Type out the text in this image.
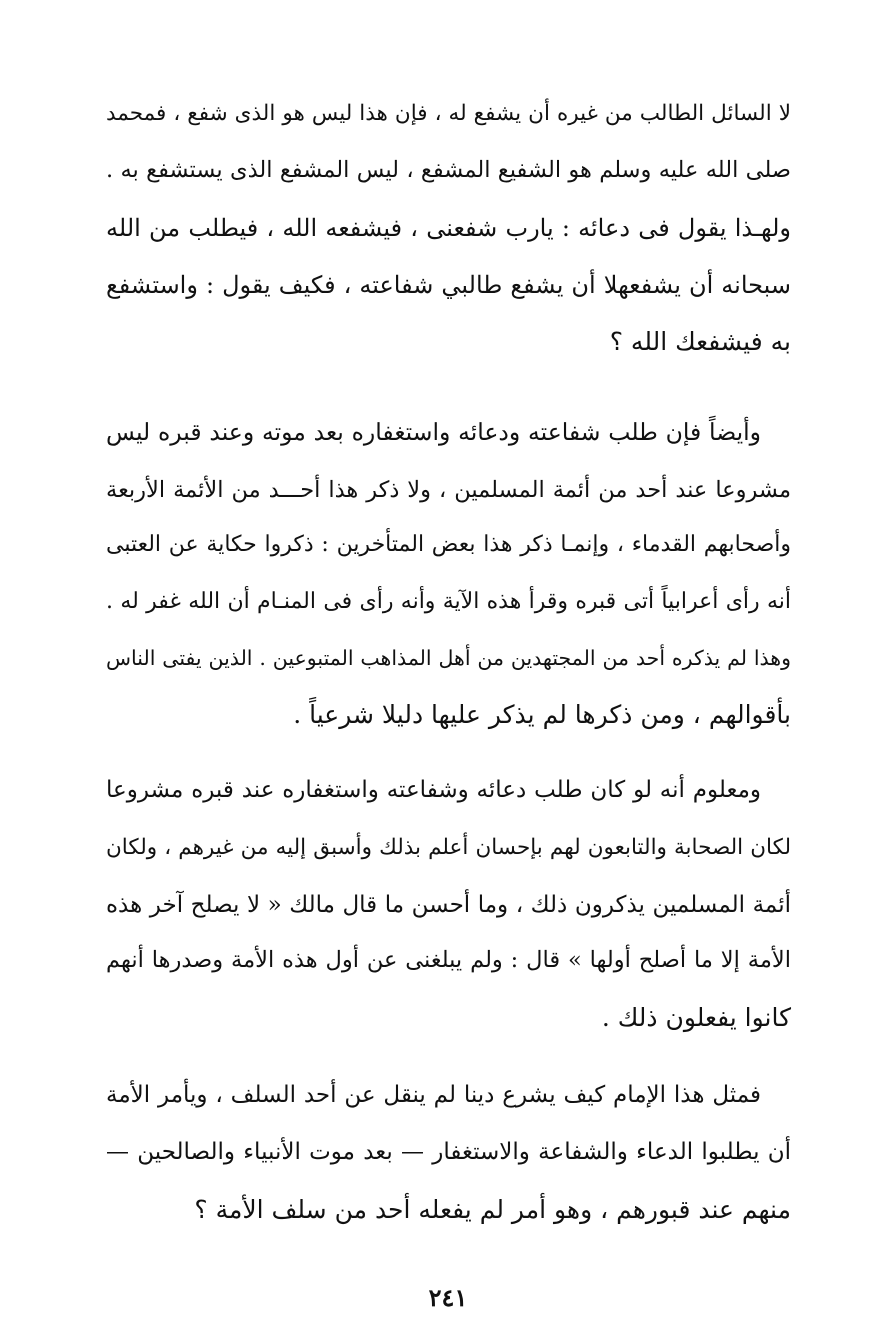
لا السائل الطالب من غيره أن يشفع له ، فإن هذا ليس هو الذى شفع ، فمحمد
صلى الله عليه وسلم هو الشفيع المشفع ، ليس المشفع الذى يستشفع به .
ولهـذا يقول فى دعائه : يارب شفعنى ، فيشفعه الله ، فيطلب من الله
سبحانه أن يشفعهلا أن يشفع طالبي شفاعته ، فكيف يقول : واستشفع
به فيشفعك الله ؟
وأيضاً فإن طلب شفاعته ودعائه واستغفاره بعد موته وعند قبره ليس
مشروعا عند أحد من أئمة المسلمين ، ولا ذكر هذا أحـــد من الأئمة الأربعة
وأصحابهم القدماء ، وإنمـا ذكر هذا بعض المتأخرين : ذكروا حكاية عن العتبى
أنه رأى أعرابياً أتى قبره وقرأ هذه الآية وأنه رأى فى المنـام أن الله غفر له .
وهذا لم يذكره أحد من المجتهدين من أهل المذاهب المتبوعين . الذين يفتى الناس
بأقوالهم ، ومن ذكرها لم يذكر عليها دليلا شرعياً .
ومعلوم أنه لو كان طلب دعائه وشفاعته واستغفاره عند قبره مشروعا
لكان الصحابة والتابعون لهم بإحسان أعلم بذلك وأسبق إليه من غيرهم ، ولكان
أئمة المسلمين يذكرون ذلك ، وما أحسن ما قال مالك « لا يصلح آخر هذه
الأمة إلا ما أصلح أولها » قال : ولم يبلغنى عن أول هذه الأمة وصدرها أنهم
كانوا يفعلون ذلك .
فمثل هذا الإمام كيف يشرع دينا لم ينقل عن أحد السلف ، ويأمر الأمة
أن يطلبوا الدعاء والشفاعة والاستغفار — بعد موت الأنبياء والصالحين —
منهم عند قبورهم ، وهو أمر لم يفعله أحد من سلف الأمة ؟
٢٤١
